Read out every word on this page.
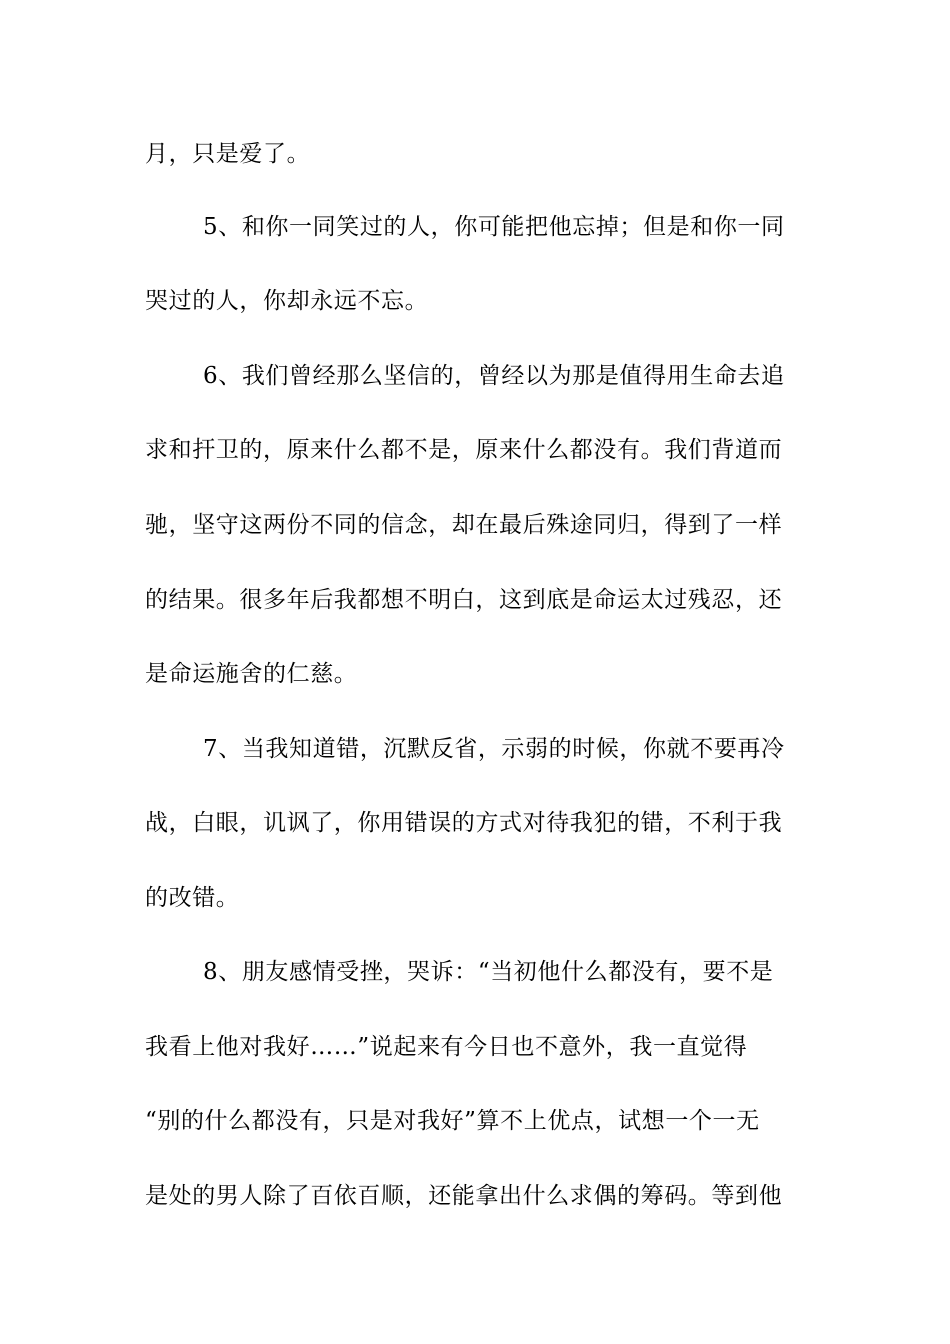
月，只是爱了。
5、和你一同笑过的人，你可能把他忘掉；但是和你一同
哭过的人，你却永远不忘。
6、我们曾经那么坚信的，曾经以为那是值得用生命去追
求和扞卫的，原来什么都不是，原来什么都没有。我们背道而
驰，坚守这两份不同的信念，却在最后殊途同归，得到了一样
的结果。很多年后我都想不明白，这到底是命运太过残忍，还
是命运施舍的仁慈。
7、当我知道错，沉默反省，示弱的时候，你就不要再冷
战，白眼，讥讽了，你用错误的方式对待我犯的错，不利于我
的改错。
8、朋友感情受挫，哭诉：“当初他什么都没有，要不是
我看上他对我好……”说起来有今日也不意外，我一直觉得
“别的什么都没有，只是对我好”算不上优点，试想一个一无
是处的男人除了百依百顺，还能拿出什么求偶的筹码。等到他
